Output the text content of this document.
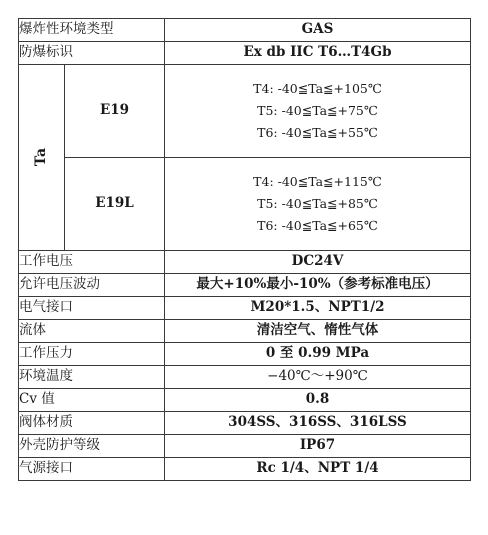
爆炸性环境类型		GAS
防爆标识		Ex db IIC T6…T4Gb
Ta	E19	T4: -40≦Ta≦+105℃
T5: -40≦Ta≦+75℃
T6: -40≦Ta≦+55℃

	E19L	T4: -40≦Ta≦+115℃
T5: -40≦Ta≦+85℃
T6: -40≦Ta≦+65℃

工作电压		DC24V
允许电压波动		最大+10%最小-10%（参考标准电压）
电气接口		M20*1.5、NPT1/2
流体		清洁空气、惰性气体
工作压力		0 至 0.99 MPa
环境温度		−40℃～+90℃
Cv 值		0.8
阀体材质		304SS、316SS、316LSS
外壳防护等级		IP67
气源接口		Rc 1/4、NPT 1/4
